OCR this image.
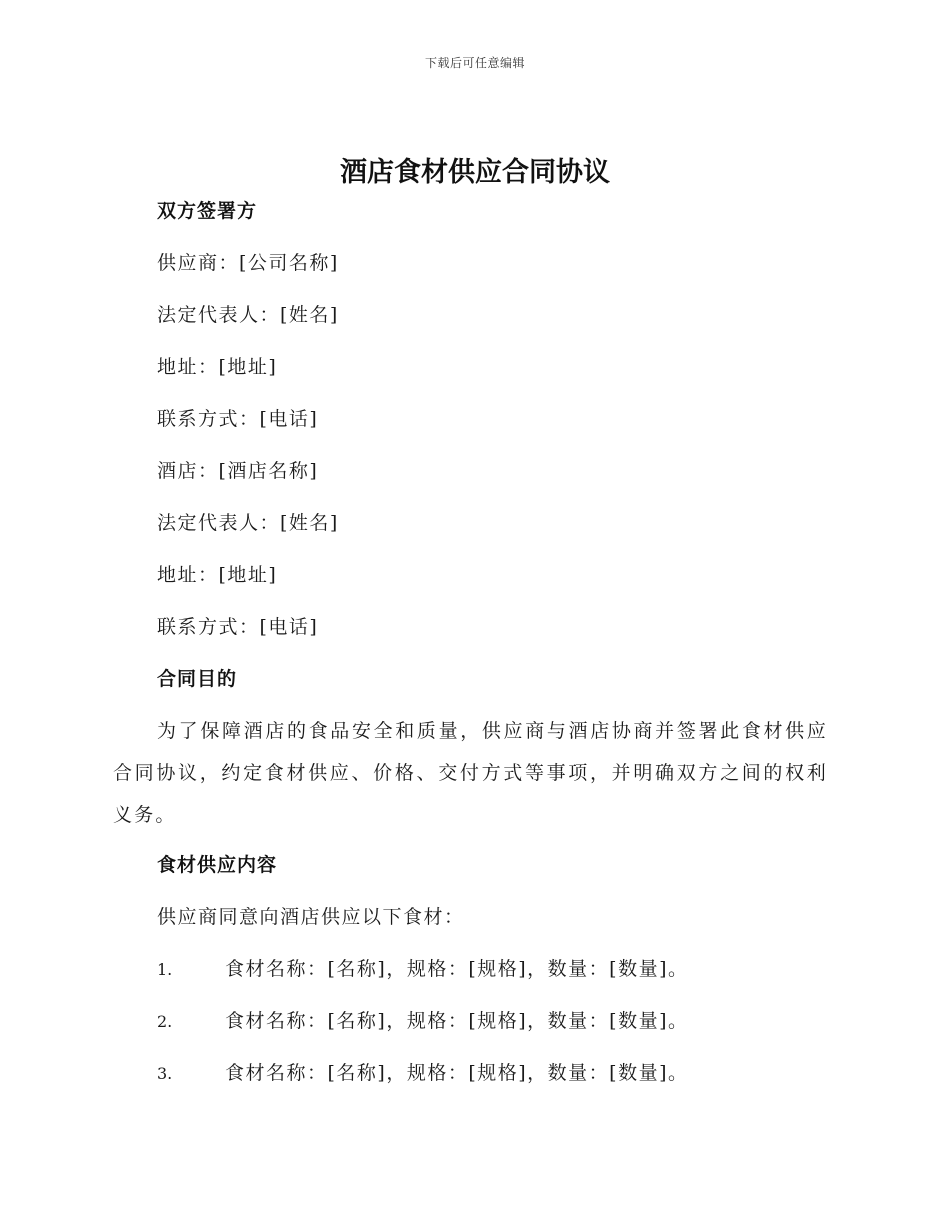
下载后可任意编辑
酒店食材供应合同协议
双方签署方
供应商：[公司名称]
法定代表人：[姓名]
地址：[地址]
联系方式：[电话]
酒店：[酒店名称]
法定代表人：[姓名]
地址：[地址]
联系方式：[电话]
合同目的
为了保障酒店的食品安全和质量，供应商与酒店协商并签署此食材供应合同协议，约定食材供应、价格、交付方式等事项，并明确双方之间的权利义务。
食材供应内容
供应商同意向酒店供应以下食材：
1.	食材名称：[名称]，规格：[规格]，数量：[数量]。
2.	食材名称：[名称]，规格：[规格]，数量：[数量]。
3.	食材名称：[名称]，规格：[规格]，数量：[数量]。
